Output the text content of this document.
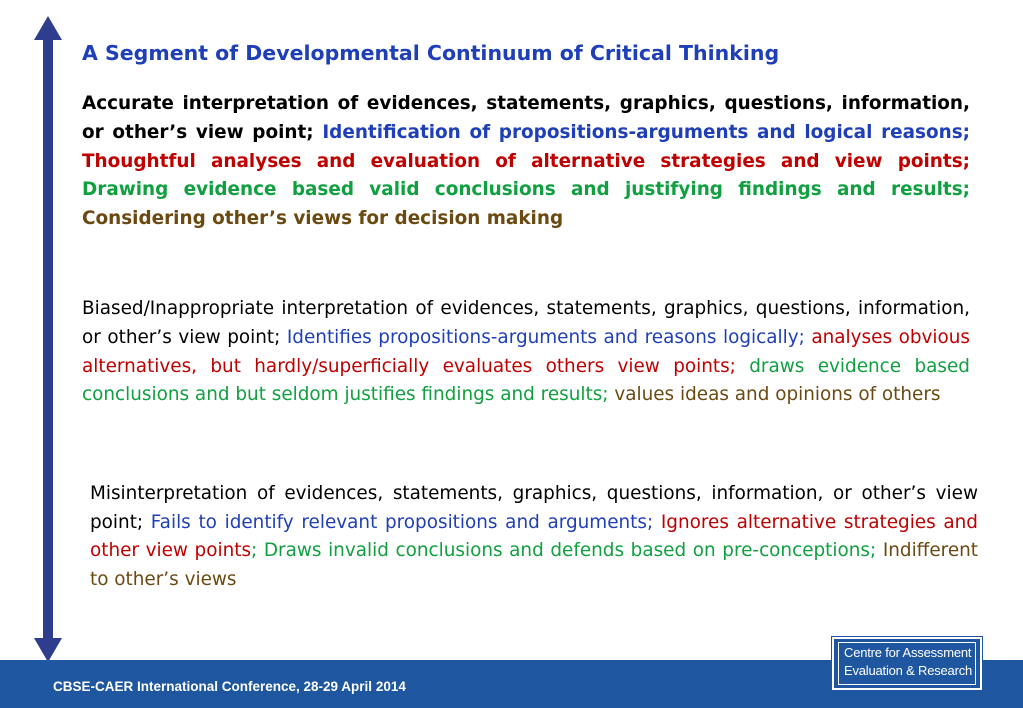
A Segment of Developmental Continuum of Critical Thinking

Accurate interpretation of evidences, statements, graphics, questions, information, or other’s view point; Identification of propositions-arguments and logical reasons; Thoughtful analyses and evaluation of alternative strategies and view points; Drawing evidence based valid conclusions and justifying findings and results; Considering other’s views for decision making

Biased/Inappropriate interpretation of evidences, statements, graphics, questions, information, or other’s view point; Identifies propositions-arguments and reasons logically; analyses obvious alternatives, but hardly/superficially evaluates others view points; draws evidence based conclusions and but seldom justifies findings and results; values ideas and opinions of others

Misinterpretation of evidences, statements, graphics, questions, information, or other’s view point; Fails to identify relevant propositions and arguments; Ignores alternative strategies and other view points; Draws invalid conclusions and defends based on pre-conceptions; Indifferent to other’s views

CBSE-CAER International Conference, 28-29 April 2014
Centre for Assessment
Evaluation & Research
